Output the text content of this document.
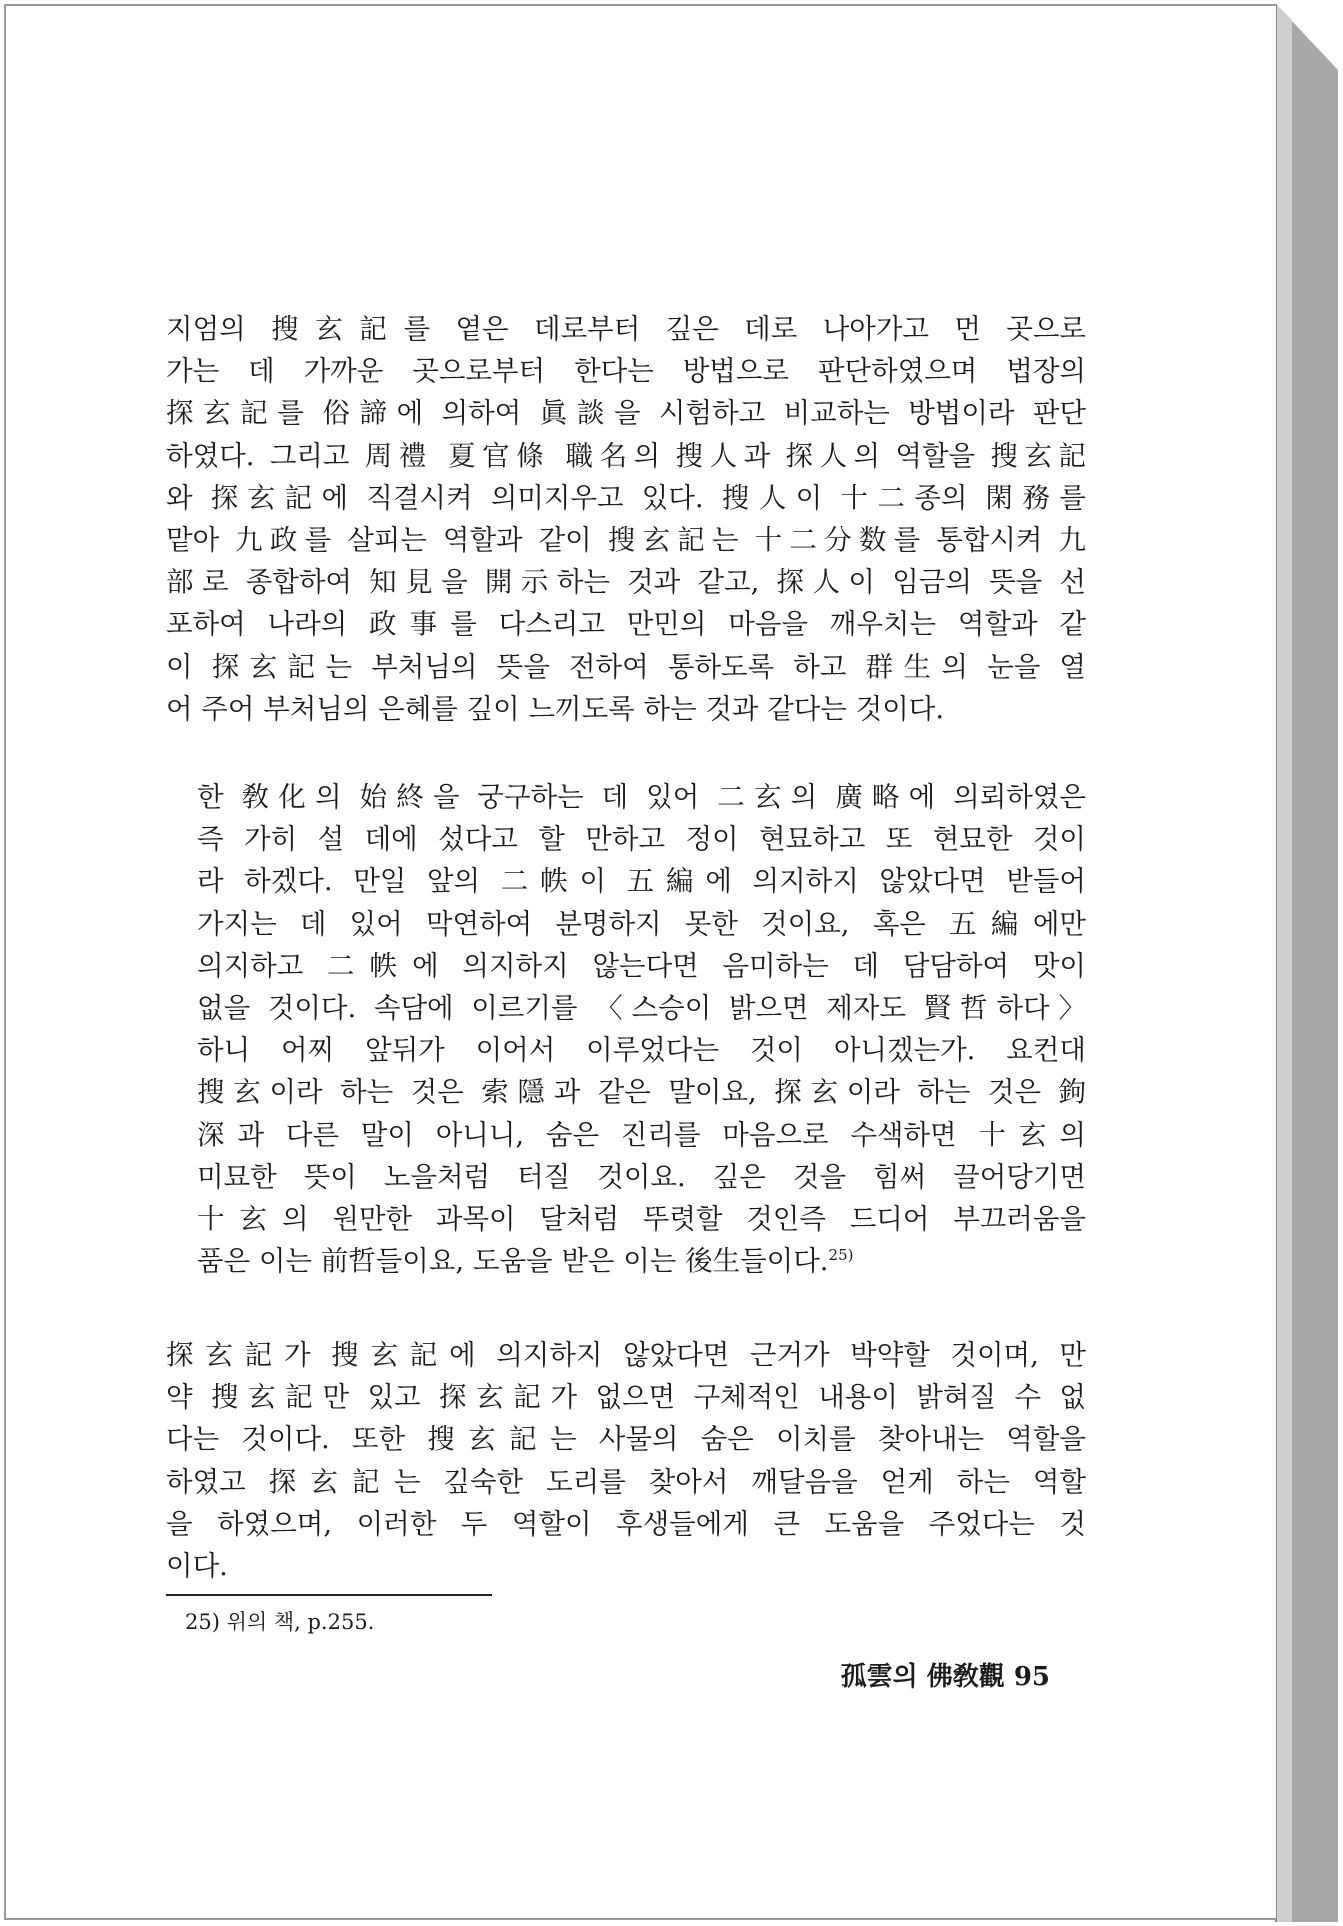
지엄의 搜玄記를 옅은 데로부터 깊은 데로 나아가고 먼 곳으로
가는 데 가까운 곳으로부터 한다는 방법으로 판단하였으며 법장의
探玄記를 俗諦에 의하여 眞談을 시험하고 비교하는 방법이라 판단
하였다. 그리고 周禮 夏官條 職名의 搜人과 探人의 역할을 搜玄記
와 探玄記에 직결시켜 의미지우고 있다. 搜人이 十二종의 閑務를
맡아 九政를 살피는 역할과 같이 搜玄記는 十二分数를 통합시켜 九
部로 종합하여 知見을 開示하는 것과 같고, 探人이 임금의 뜻을 선
포하여 나라의 政事를 다스리고 만민의 마음을 깨우치는 역할과 같
이 探玄記는 부처님의 뜻을 전하여 통하도록 하고 群生의 눈을 열
어 주어 부처님의 은혜를 깊이 느끼도록 하는 것과 같다는 것이다.
한 敎化의 始終을 궁구하는 데 있어 二玄의 廣略에 의뢰하였은
즉 가히 설 데에 섰다고 할 만하고 정이 현묘하고 또 현묘한 것이
라 하겠다. 만일 앞의 二帙이 五編에 의지하지 않았다면 받들어
가지는 데 있어 막연하여 분명하지 못한 것이요, 혹은 五編에만
의지하고 二帙에 의지하지 않는다면 음미하는 데 담담하여 맛이
없을 것이다. 속담에 이르기를 〈스승이 밝으면 제자도 賢哲하다〉
하니 어찌 앞뒤가 이어서 이루었다는 것이 아니겠는가. 요컨대
搜玄이라 하는 것은 索隱과 같은 말이요, 探玄이라 하는 것은 鉤
深과 다른 말이 아니니, 숨은 진리를 마음으로 수색하면 十玄의
미묘한 뜻이 노을처럼 터질 것이요. 깊은 것을 힘써 끌어당기면
十玄의 원만한 과목이 달처럼 뚜렷할 것인즉 드디어 부끄러움을
품은 이는 前哲들이요, 도움을 받은 이는 後生들이다.$^{25)}$
探玄記가 搜玄記에 의지하지 않았다면 근거가 박약할 것이며, 만
약 搜玄記만 있고 探玄記가 없으면 구체적인 내용이 밝혀질 수 없
다는 것이다. 또한 搜玄記는 사물의 숨은 이치를 찾아내는 역할을
하였고 探玄記는 깊숙한 도리를 찾아서 깨달음을 얻게 하는 역할
을 하였으며, 이러한 두 역할이 후생들에게 큰 도움을 주었다는 것
이다.
25) 위의 책, p.255.
孤雲의 佛敎觀 95
